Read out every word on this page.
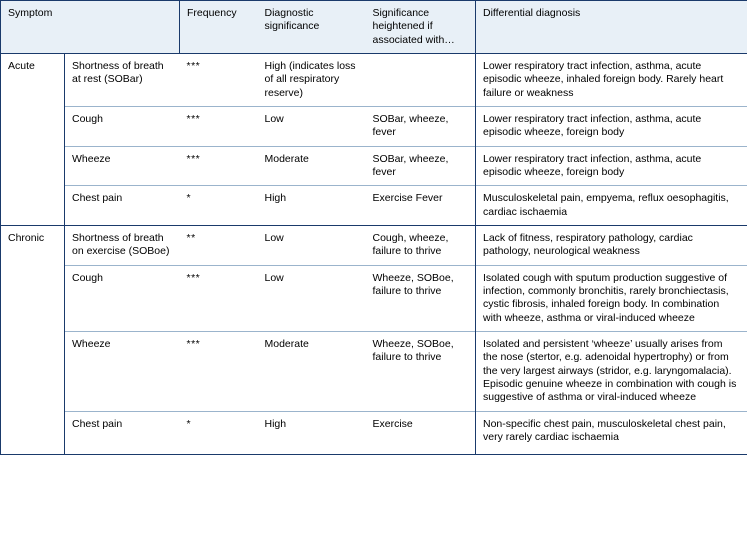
Symptom		Frequency	Diagnostic significance	Significance heightened if associated with…	Differential diagnosis
Acute	Shortness of breath at rest (SOBar)	***	High (indicates loss of all respiratory reserve)		Lower respiratory tract infection, asthma, acute episodic wheeze, inhaled foreign body. Rarely heart failure or weakness
	Cough	***	Low	SOBar, wheeze, fever	Lower respiratory tract infection, asthma, acute episodic wheeze, foreign body
	Wheeze	***	Moderate	SOBar, wheeze, fever	Lower respiratory tract infection, asthma, acute episodic wheeze, foreign body
	Chest pain	*	High	Exercise Fever	Musculoskeletal pain, empyema, reflux oesophagitis, cardiac ischaemia
Chronic	Shortness of breath on exercise (SOBoe)	**	Low	Cough, wheeze, failure to thrive	Lack of fitness, respiratory pathology, cardiac pathology, neurological weakness
	Cough	***	Low	Wheeze, SOBoe, failure to thrive	Isolated cough with sputum production suggestive of infection, commonly bronchitis, rarely bronchiectasis, cystic fibrosis, inhaled foreign body. In combination with wheeze, asthma or viral-induced wheeze
	Wheeze	***	Moderate	Wheeze, SOBoe, failure to thrive	Isolated and persistent ‘wheeze’ usually arises from the nose (stertor, e.g. adenoidal hypertrophy) or from the very largest airways (stridor, e.g. laryngomalacia). Episodic genuine wheeze in combination with cough is suggestive of asthma or viral-induced wheeze
	Chest pain	*	High	Exercise	Non-specific chest pain, musculoskeletal chest pain, very rarely cardiac ischaemia
